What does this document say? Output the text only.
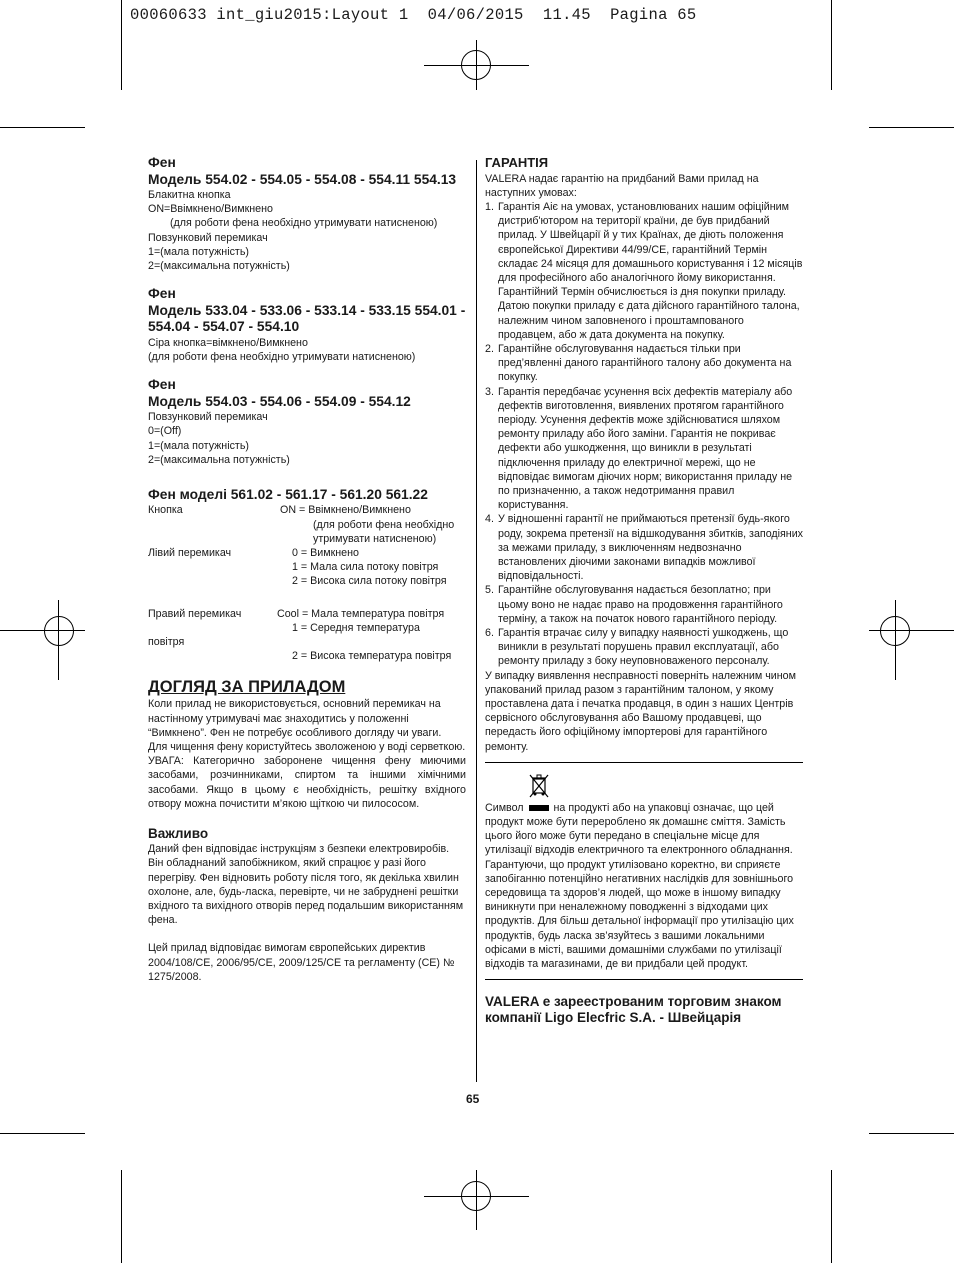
00060633 int_giu2015:Layout 1  04/06/2015  11.45  Pagina 65
Фен
Модель 554.02 - 554.05 - 554.08 - 554.11 554.13
Блакитна кнопка
ON=Ввімкнено/Вимкнено
(для роботи фена необхідно утримувати натисненою)
Повзунковий перемикач
1=(мала потужність)
2=(максимальна потужність)
Фен
Модель 533.04 - 533.06 - 533.14 - 533.15 554.01 - 554.04 - 554.07 - 554.10
Сіра кнопка=вімкнено/Вимкнено
(для роботи фена необхідно утримувати натисненою)
Фен
Модель 554.03 - 554.06 - 554.09 - 554.12
Повзунковий перемикач
0=(Off)
1=(мала потужність)
2=(максимальна потужність)
Фен моделі 561.02 - 561.17 - 561.20 561.22
Кнопка	ON = Ввімкнено/Вимкнено
(для роботи фена необхідно
утримувати натисненою)
Лівий перемикач	0 = Вимкнено
1 = Мала сила потоку повітря
2 = Висока сила потоку повітря
Правий перемикач	Cool = Мала температура повітря
1 = Середня температура
повітря
2 = Висока температура повітря
ДОГЛЯД ЗА ПРИЛАДОМ
Коли прилад не використовується, основний перемикач на настінному утримувачі має знаходитись у положенні “Вимкнено”. Фен не потребує особливого догляду чи уваги.
Для чищення фену користуйтесь зволоженою у воді серветкою.
УВАГА: Категорично заборонене чищення фену миючими засобами, розчинниками, спиртом та іншими хімічними засобами. Якщо в цьому є необхідність, решітку вхідного отвору можна почистити м’якою щіткою чи пилососом.
Важливо
Даний фен відповідає інструкціям з безпеки електровиробів. Він обладнаний запобіжником, який спрацює у разі його перегріву. Фен відновить роботу після того, як декілька хвилин охолоне, але, будь-ласка, перевірте, чи не забруднені решітки вхідного та вихідного отворів перед подальшим використанням фена.
Цей прилад відповідає вимогам європейських директив 2004/108/CE, 2006/95/CE, 2009/125/CE та регламенту (CE) № 1275/2008.
ГАРАНТІЯ
VALERA надає гарантію на придбаний Вами прилад на наступних умовах:
1. Гарантія Aiє на умовах, установлюваних нашим офіційним дистриб'ютором на території країни, де був придбаний прилад. У Швейцарії й у тих Країнах, де діють положення європейської Директиви 44/99/CE, гарантійний Термін складає 24 місяця для домашнього користування і 12 місяців для професійного або аналогічного йому використання. Гарантійний Термін обчислюється із дня покупки приладу. Датою покупки приладу є дата дійсного гарантійного талона, належним чином заповненого і проштампованого продавцем, або ж дата документа на покупку.
2. Гарантійне обслуговування надається тільки при пред’явленні даного гарантійного талону або документа на покупку.
3. Гарантія передбачає усунення всіх дефектів матеріалу або дефектів виготовлення, виявлених протягом гарантійного періоду. Усунення дефектів може здійснюватися шляхом ремонту приладу або його заміни. Гарантія не покриває дефекти або ушкодження, що виникли в результаті підключення приладу до електричної мережі, що не відповідає вимогам діючих норм; використання приладу не по призначенню, а також недотримання правил користування.
4. У відношенні гарантії не приймаються претензії будь-якого роду, зокрема претензії на відшкодування збитків, заподіяних за межами приладу, з виключенням недвозначно встановлених діючими законами випадків можливої відповідальності.
5. Гарантійне обслуговування надається безоплатно; при цьому воно не надає право на продовження гарантійного терміну, а також на початок нового гарантійного періоду.
6. Гарантія втрачає силу у випадку наявності ушкоджень, що виникли в результаті порушень правил експлуатації, або ремонту приладу з боку неуповноваженого персоналу.
У випадку виявлення несправності поверніть належним чином упакований прилад разом з гарантійним талоном, у якому проставлена дата і печатка продавця, в один з наших Центрів сервісного обслуговування або Вашому продавцеві, що передасть його офіційному імпортерові для гарантійного ремонту.
Символ	на продукті або на упаковці означає, що цей продукт може бути перероблено як домашнє сміття. Замість цього його може бути передано в спеціальне місце для утилізації відходів електричного та електронного обладнання. Гарантуючи, що продукт утилізовано коректно, ви сприяєте запобіганню потенційно негативних наслідків для зовнішнього середовища та здоров’я людей, що може в іншому випадку виникнути при неналежному поводженні з відходами цих продуктів. Для більш детальної інформації про утилізацію цих продуктів, будь ласка зв’язуйтесь з вашими локальними офісами в місті, вашими домашніми службами по утилізації відходів та магазинами, де ви придбали цей продукт.
VALERA е зареестрованим торговим знаком компанії Ligo Elecfric S.A. - Швейцарія
65
